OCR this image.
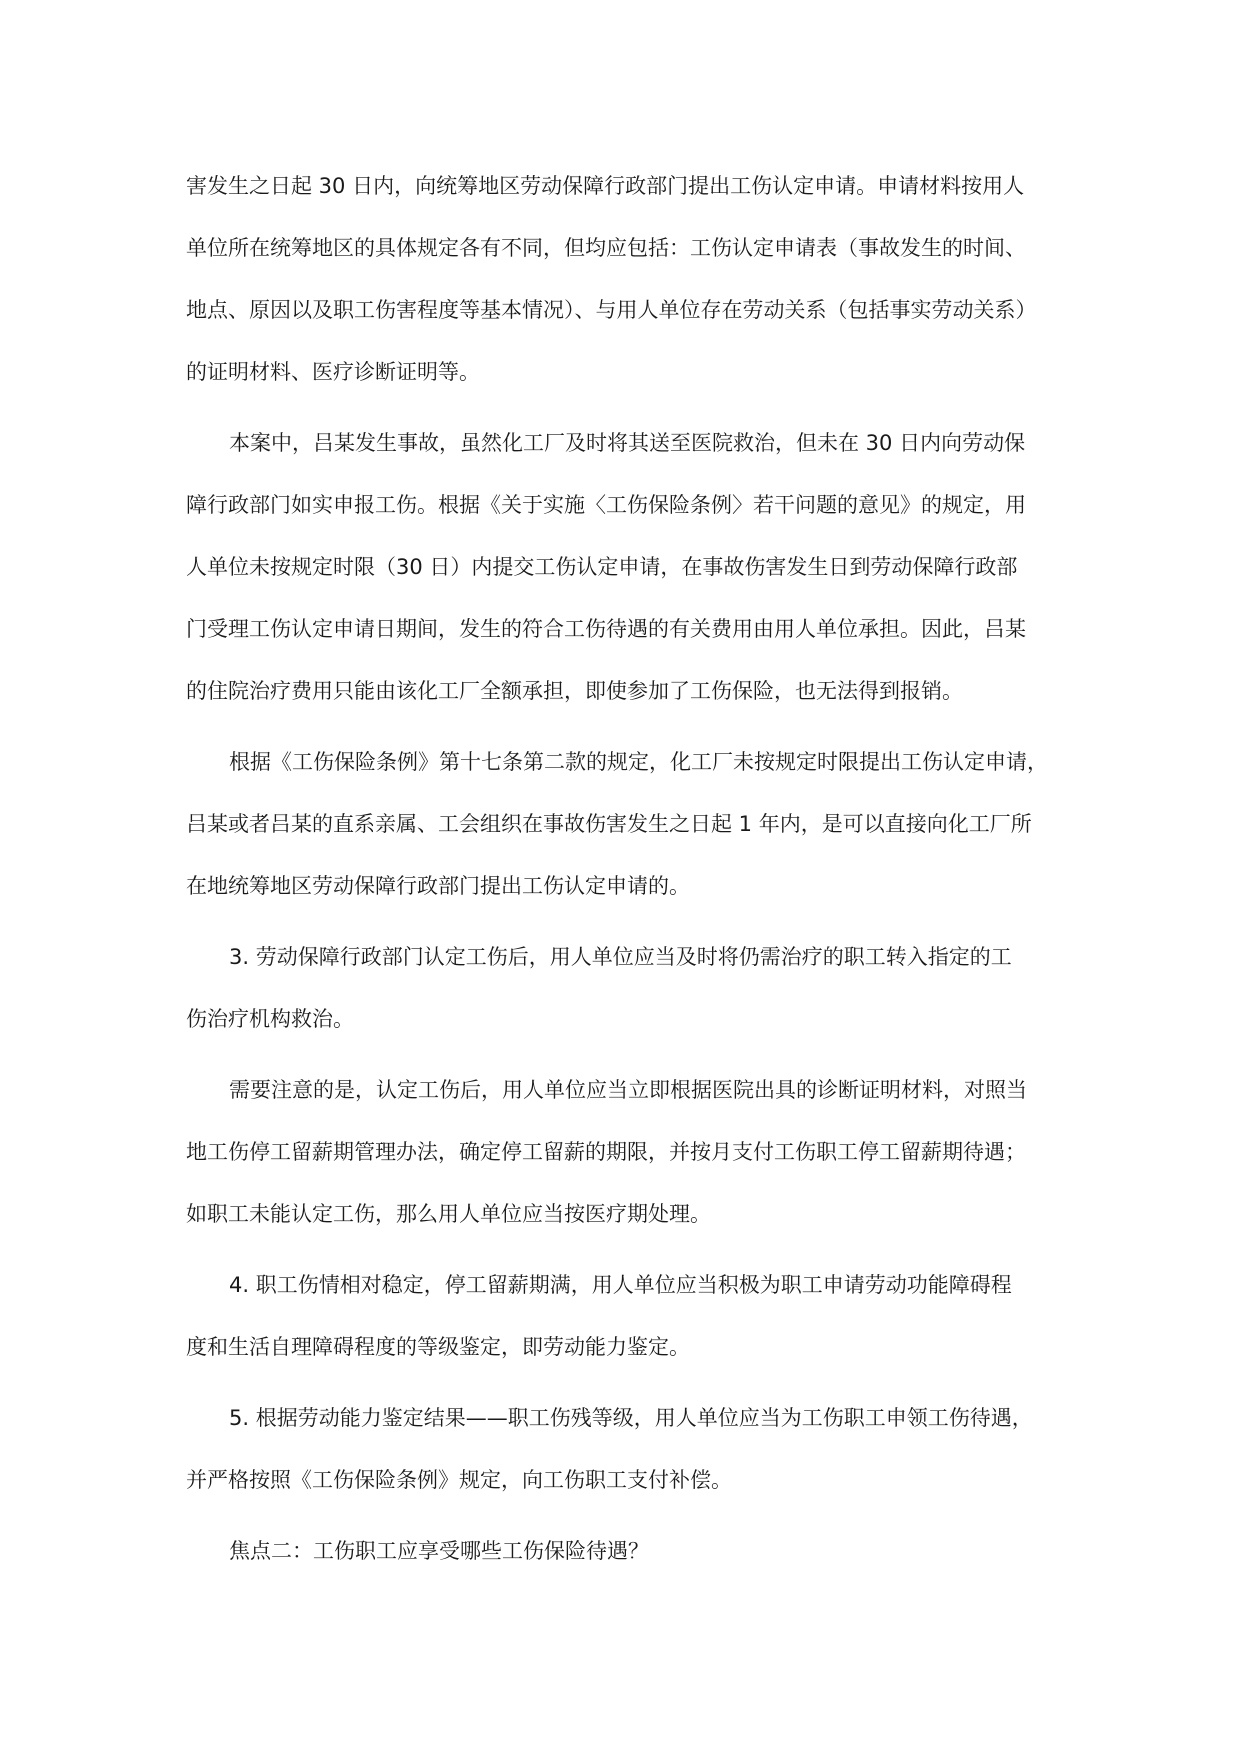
害发生之日起 30 日内，向统筹地区劳动保障行政部门提出工伤认定申请。申请材料按用人
单位所在统筹地区的具体规定各有不同，但均应包括：工伤认定申请表（事故发生的时间、
地点、原因以及职工伤害程度等基本情况）、与用人单位存在劳动关系（包括事实劳动关系）
的证明材料、医疗诊断证明等。
本案中，吕某发生事故，虽然化工厂及时将其送至医院救治，但未在 30 日内向劳动保
障行政部门如实申报工伤。根据《关于实施〈工伤保险条例〉若干问题的意见》的规定，用
人单位未按规定时限（30 日）内提交工伤认定申请，在事故伤害发生日到劳动保障行政部
门受理工伤认定申请日期间，发生的符合工伤待遇的有关费用由用人单位承担。因此，吕某
的住院治疗费用只能由该化工厂全额承担，即使参加了工伤保险，也无法得到报销。
根据《工伤保险条例》第十七条第二款的规定，化工厂未按规定时限提出工伤认定申请，
吕某或者吕某的直系亲属、工会组织在事故伤害发生之日起 1 年内，是可以直接向化工厂所
在地统筹地区劳动保障行政部门提出工伤认定申请的。
3. 劳动保障行政部门认定工伤后，用人单位应当及时将仍需治疗的职工转入指定的工
伤治疗机构救治。
需要注意的是，认定工伤后，用人单位应当立即根据医院出具的诊断证明材料，对照当
地工伤停工留薪期管理办法，确定停工留薪的期限，并按月支付工伤职工停工留薪期待遇；
如职工未能认定工伤，那么用人单位应当按医疗期处理。
4. 职工伤情相对稳定，停工留薪期满，用人单位应当积极为职工申请劳动功能障碍程
度和生活自理障碍程度的等级鉴定，即劳动能力鉴定。
5. 根据劳动能力鉴定结果——职工伤残等级，用人单位应当为工伤职工申领工伤待遇，
并严格按照《工伤保险条例》规定，向工伤职工支付补偿。
焦点二：工伤职工应享受哪些工伤保险待遇？
